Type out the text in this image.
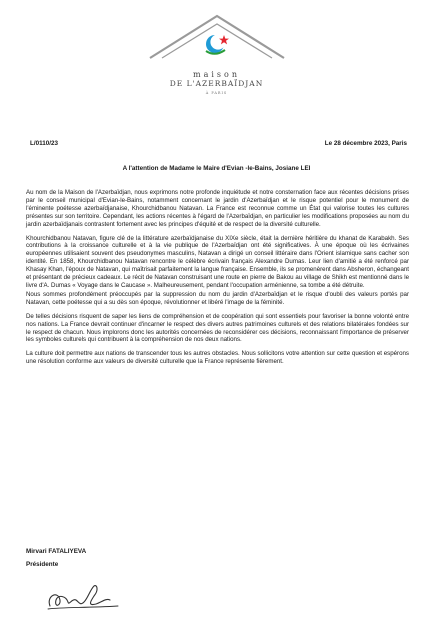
maison
DE L'AZERBAÏDJAN
À PARIS
L/0110/23	Le 28 décembre 2023, Paris
A l'attention de Madame le Maire d'Evian -le-Bains, Josiane LEI

Au nom de la Maison de l'Azerbaïdjan, nous exprimons notre profonde inquiétude et notre consternation face aux récentes décisions prises par le conseil municipal d'Evian-le-Bains, notamment concernant le jardin d'Azerbaïdjan et le risque potentiel pour le monument de l'éminente poétesse azerbaïdjanaise, Khourchidbanou Natavan. La France est reconnue comme un État qui valorise toutes les cultures présentes sur son territoire. Cependant, les actions récentes à l'égard de l'Azerbaïdjan, en particulier les modifications proposées au nom du jardin azerbaïdjanais contrastent fortement avec les principes d'équité et de respect de la diversité culturelle.

Khourchidbanou Natavan, figure clé de la littérature azerbaïdjanaise du XIXe siècle, était la dernière héritière du khanat de Karabakh. Ses contributions à la croissance culturelle et à la vie publique de l'Azerbaïdjan ont été significatives. À une époque où les écrivaines européennes utilisaient souvent des pseudonymes masculins, Natavan a dirigé un conseil littéraire dans l'Orient islamique sans cacher son identité. En 1858, Khourchidbanou Natavan rencontre le célèbre écrivain français Alexandre Dumas. Leur lien d'amitié a été renforcé par Khasay Khan, l'époux de Natavan, qui maîtrisait parfaitement la langue française. Ensemble, ils se promenèrent dans Absheron, échangeant et présentant de précieux cadeaux. Le récit de Natavan construisant une route en pierre de Bakou au village de Shikh est mentionné dans le livre d'A. Dumas « Voyage dans le Caucase ». Malheureusement, pendant l'occupation arménienne, sa tombe a été détruite.

Nous sommes profondément préoccupés par la suppression du nom du jardin d'Azerbaïdjan et le risque d'oubli des valeurs portés par Natavan, cette poétesse qui a su dès son époque, révolutionner et libéré l'image de la féminité.

De telles décisions risquent de saper les liens de compréhension et de coopération qui sont essentiels pour favoriser la bonne volonté entre nos nations. La France devrait continuer d'incarner le respect des divers autres patrimoines culturels et des relations bilatérales fondées sur le respect de chacun. Nous implorons donc les autorités concernées de reconsidérer ces décisions, reconnaissant l'importance de préserver les symboles culturels qui contribuent à la compréhension de nos deux nations.

La culture doit permettre aux nations de transcender tous les autres obstacles. Nous sollicitons votre attention sur cette question et espérons une résolution conforme aux valeurs de diversité culturelle que la France représente fièrement.

Mirvari FATALIYEVA
Présidente
